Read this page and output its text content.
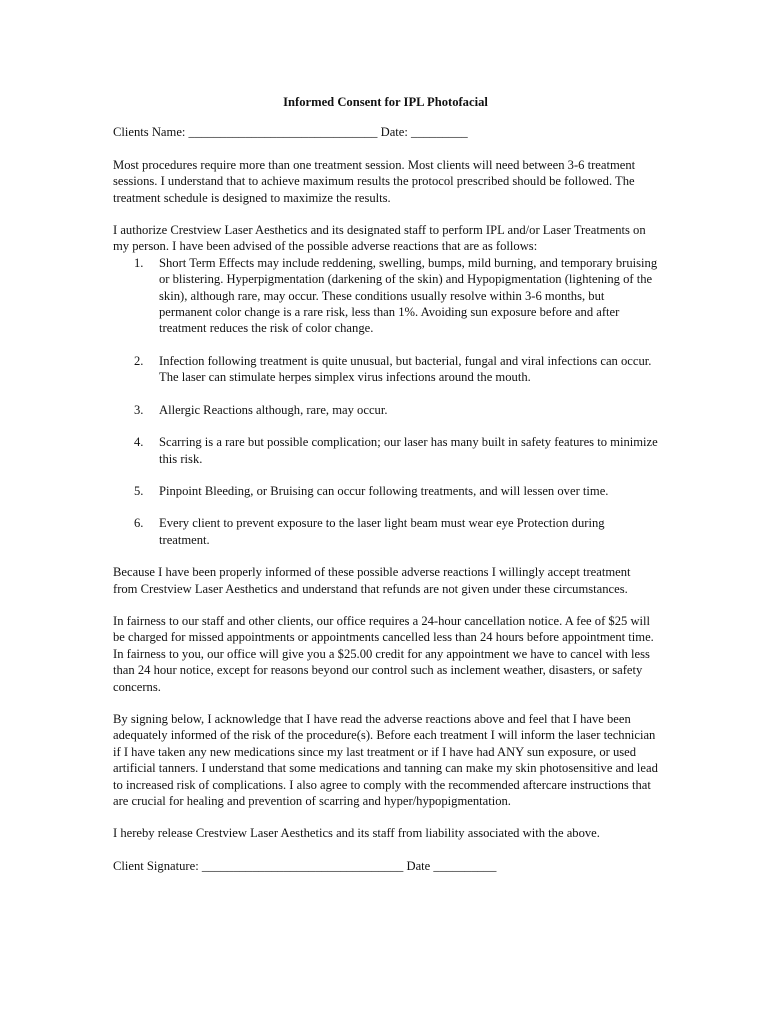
Informed Consent for IPL Photofacial
Clients Name: ______________________________ Date: _________

Most procedures require more than one treatment session. Most clients will need between 3-6 treatment sessions. I understand that to achieve maximum results the protocol prescribed should be followed. The treatment schedule is designed to maximize the results.

I authorize Crestview Laser Aesthetics and its designated staff to perform IPL and/or Laser Treatments on my person. I have been advised of the possible adverse reactions that are as follows:

1. Short Term Effects may include reddening, swelling, bumps, mild burning, and temporary bruising or blistering. Hyperpigmentation (darkening of the skin) and Hypopigmentation (lightening of the skin), although rare, may occur. These conditions usually resolve within 3-6 months, but permanent color change is a rare risk, less than 1%. Avoiding sun exposure before and after treatment reduces the risk of color change.
2. Infection following treatment is quite unusual, but bacterial, fungal and viral infections can occur. The laser can stimulate herpes simplex virus infections around the mouth.
3. Allergic Reactions although, rare, may occur.
4. Scarring is a rare but possible complication; our laser has many built in safety features to minimize this risk.
5. Pinpoint Bleeding, or Bruising can occur following treatments, and will lessen over time.
6. Every client to prevent exposure to the laser light beam must wear eye Protection during treatment.

Because I have been properly informed of these possible adverse reactions I willingly accept treatment from Crestview Laser Aesthetics and understand that refunds are not given under these circumstances.

In fairness to our staff and other clients, our office requires a 24-hour cancellation notice. A fee of $25 will be charged for missed appointments or appointments cancelled less than 24 hours before appointment time. In fairness to you, our office will give you a $25.00 credit for any appointment we have to cancel with less than 24 hour notice, except for reasons beyond our control such as inclement weather, disasters, or safety concerns.

By signing below, I acknowledge that I have read the adverse reactions above and feel that I have been adequately informed of the risk of the procedure(s). Before each treatment I will inform the laser technician if I have taken any new medications since my last treatment or if I have had ANY sun exposure, or used artificial tanners. I understand that some medications and tanning can make my skin photosensitive and lead to increased risk of complications. I also agree to comply with the recommended aftercare instructions that are crucial for healing and prevention of scarring and hyper/hypopigmentation.

I hereby release Crestview Laser Aesthetics and its staff from liability associated with the above.

Client Signature: ________________________________ Date __________
